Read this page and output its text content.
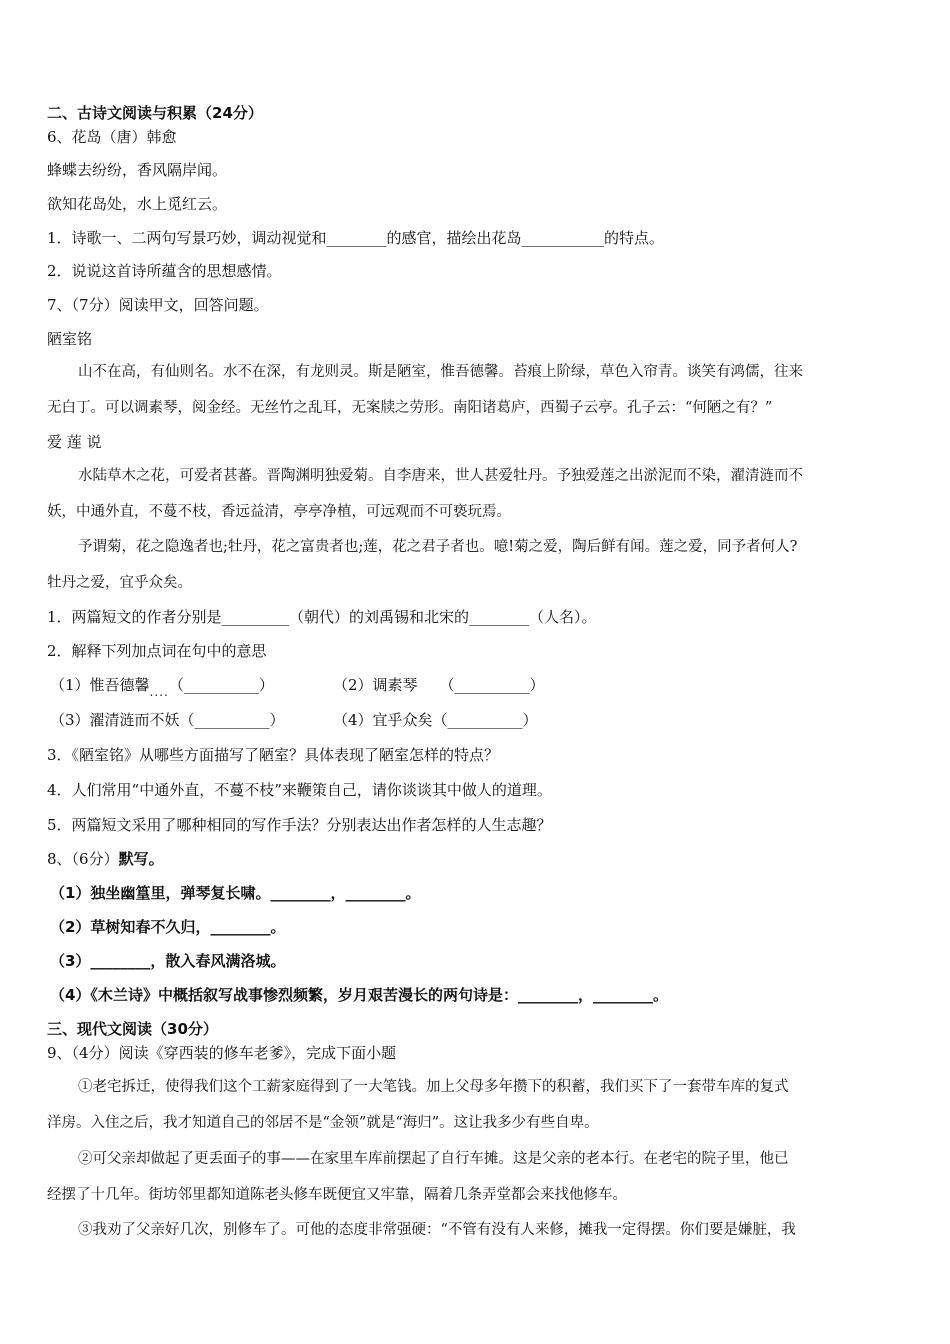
二、古诗文阅读与积累（24分）
6、花岛（唐）韩愈
蜂蝶去纷纷，香风隔岸闻。
欲知花岛处，水上觅红云。
1．诗歌一、二两句写景巧妙，调动视觉和________的感官，描绘出花岛___________的特点。
2．说说这首诗所蕴含的思想感情。
7、（7分）阅读甲文，回答问题。
陋室铭
山不在高，有仙则名。水不在深，有龙则灵。斯是陋室，惟吾德馨。苔痕上阶绿，草色入帘青。谈笑有鸿儒，往来
无白丁。可以调素琴，阅金经。无丝竹之乱耳，无案牍之劳形。南阳诸葛庐，西蜀子云亭。孔子云：“何陋之有？”
爱 莲 说
水陆草木之花，可爱者甚蕃。晋陶渊明独爱菊。自李唐来，世人甚爱牡丹。予独爱莲之出淤泥而不染，濯清涟而不
妖，中通外直，不蔓不枝，香远益清，亭亭净植，可远观而不可亵玩焉。
予谓菊，花之隐逸者也;牡丹，花之富贵者也;莲，花之君子者也。噫!菊之爱，陶后鲜有闻。莲之爱，同予者何人?
牡丹之爱，宜乎众矣。
1．两篇短文的作者分别是_________（朝代）的刘禹锡和北宋的________（人名）。
2．解释下列加点词在句中的意思
（1）惟吾德馨$_{....}$（__________）	（2）调素琴 （__________）
（3）濯清涟而不妖（__________）	（4）宜乎众矣（__________）
3．《陋室铭》从哪些方面描写了陋室？具体表现了陋室怎样的特点？
4．人们常用“中通外直，不蔓不枝”来鞭策自己，请你谈谈其中做人的道理。
5．两篇短文采用了哪种相同的写作手法？分别表达出作者怎样的人生志趣？
8、（6分）默写。
（1）独坐幽篁里，弹琴复长啸。________，________。
（2）草树知春不久归，________。
（3）________，散入春风满洛城。
（4）《木兰诗》中概括叙写战事惨烈频繁，岁月艰苦漫长的两句诗是：________，________。
三、现代文阅读（30分）
9、（4分）阅读《穿西装的修车老爹》，完成下面小题
①老宅拆迁，使得我们这个工薪家庭得到了一大笔钱。加上父母多年攒下的积蓄，我们买下了一套带车库的复式
洋房。入住之后，我才知道自己的邻居不是“金领”就是“海归”。这让我多少有些自卑。
②可父亲却做起了更丢面子的事——在家里车库前摆起了自行车摊。这是父亲的老本行。在老宅的院子里，他已
经摆了十几年。街坊邻里都知道陈老头修车既便宜又牢靠，隔着几条弄堂都会来找他修车。
③我劝了父亲好几次，别修车了。可他的态度非常强硬：“不管有没有人来修，摊我一定得摆。你们要是嫌脏，我
